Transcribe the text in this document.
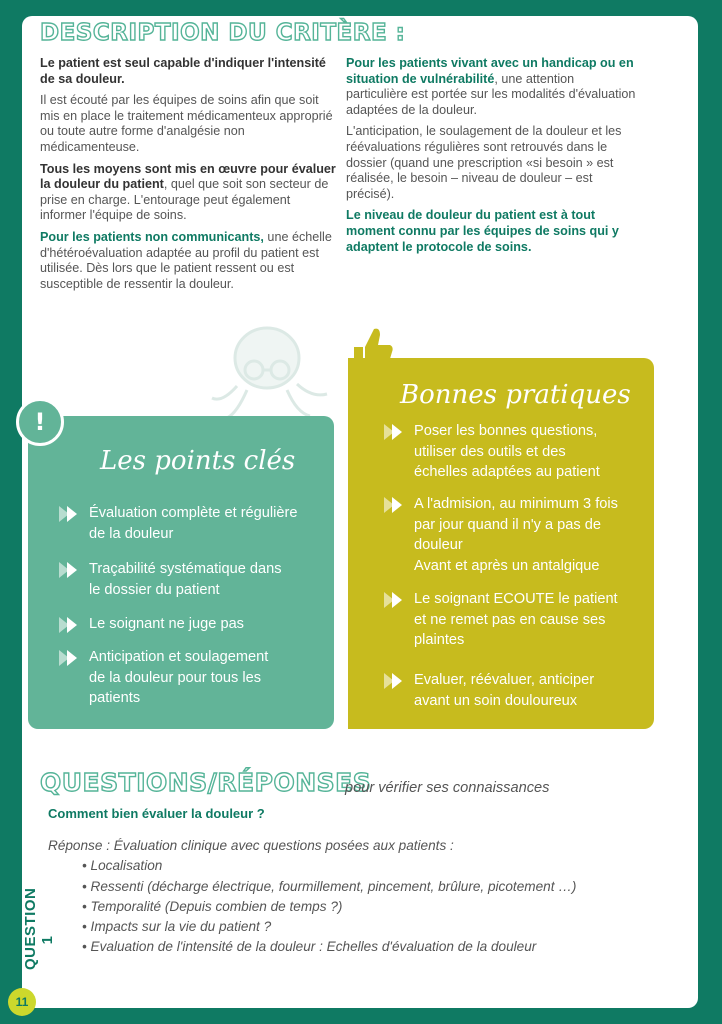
DESCRIPTION DU CRITÈRE :

Le patient est seul capable d'indiquer l'intensité de sa douleur.

Il est écouté par les équipes de soins afin que soit mis en place le traitement médicamenteux approprié ou toute autre forme d'analgésie non médicamenteuse.

Tous les moyens sont mis en œuvre pour évaluer la douleur du patient, quel que soit son secteur de prise en charge. L'entourage peut également informer l'équipe de soins.

Pour les patients non communicants, une échelle d'hétéroévaluation adaptée au profil du patient est utilisée. Dès lors que le patient ressent ou est susceptible de ressentir la douleur.

Pour les patients vivant avec un handicap ou en situation de vulnérabilité, une attention particulière est portée sur les modalités d'évaluation adaptées de la douleur.

L'anticipation, le soulagement de la douleur et les réévaluations régulières sont retrouvés dans le dossier (quand une prescription «si besoin » est réalisée, le besoin – niveau de douleur – est précisé).

Le niveau de douleur du patient est à tout moment connu par les équipes de soins qui y adaptent le protocole de soins.

!
Les points clés
Évaluation complète et régulière
de la douleur
Traçabilité systématique dans
le dossier du patient
Le soignant ne juge pas
Anticipation et soulagement
de la douleur pour tous les
patients
Bonnes pratiques
Poser les bonnes questions,
utiliser des outils et des
échelles adaptées au patient
A l'admision, au minimum 3 fois
par jour quand il n'y a pas de
douleur
Avant et après un antalgique
Le soignant ECOUTE le patient
et ne remet pas en cause ses
plaintes
Evaluer, réévaluer, anticiper
avant un soin douloureux
QUESTIONS/RÉPONSES
pour vérifier ses connaissances
QUESTION 1
Comment bien évaluer la douleur ?
Réponse : Évaluation clinique avec questions posées aux patients :
• Localisation
• Ressenti (décharge électrique, fourmillement, pincement, brûlure, picotement …)
• Temporalité (Depuis combien de temps ?)
• Impacts sur la vie du patient ?
• Evaluation de l'intensité de la douleur : Echelles d'évaluation de la douleur
11
